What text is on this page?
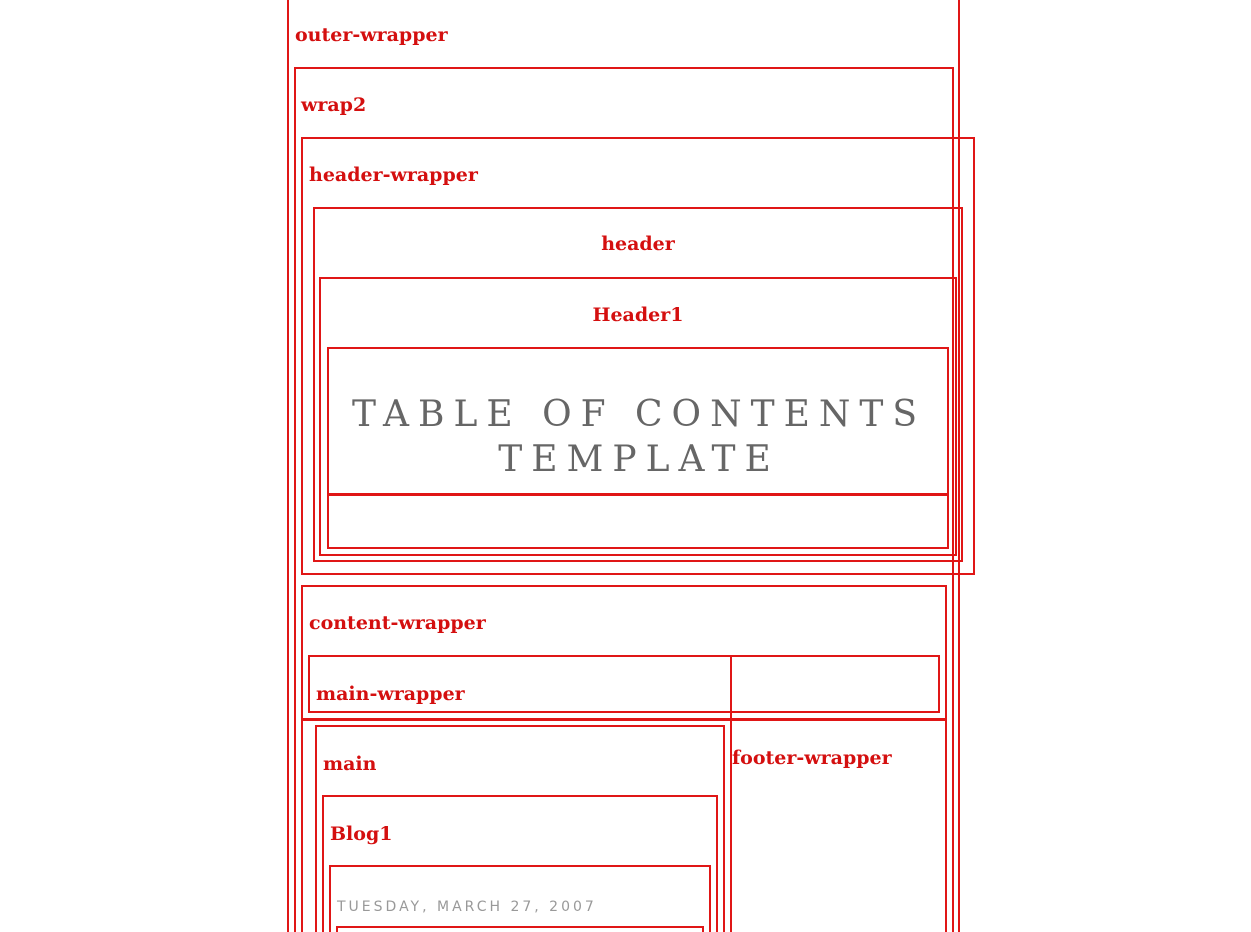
outer-wrapper
wrap2
header-wrapper
header
Header1
TABLE OF CONTENTS
TEMPLATE
content-wrapper
main-wrapper
footer-wrapper
main
Blog1
TUESDAY, MARCH 27, 2007
